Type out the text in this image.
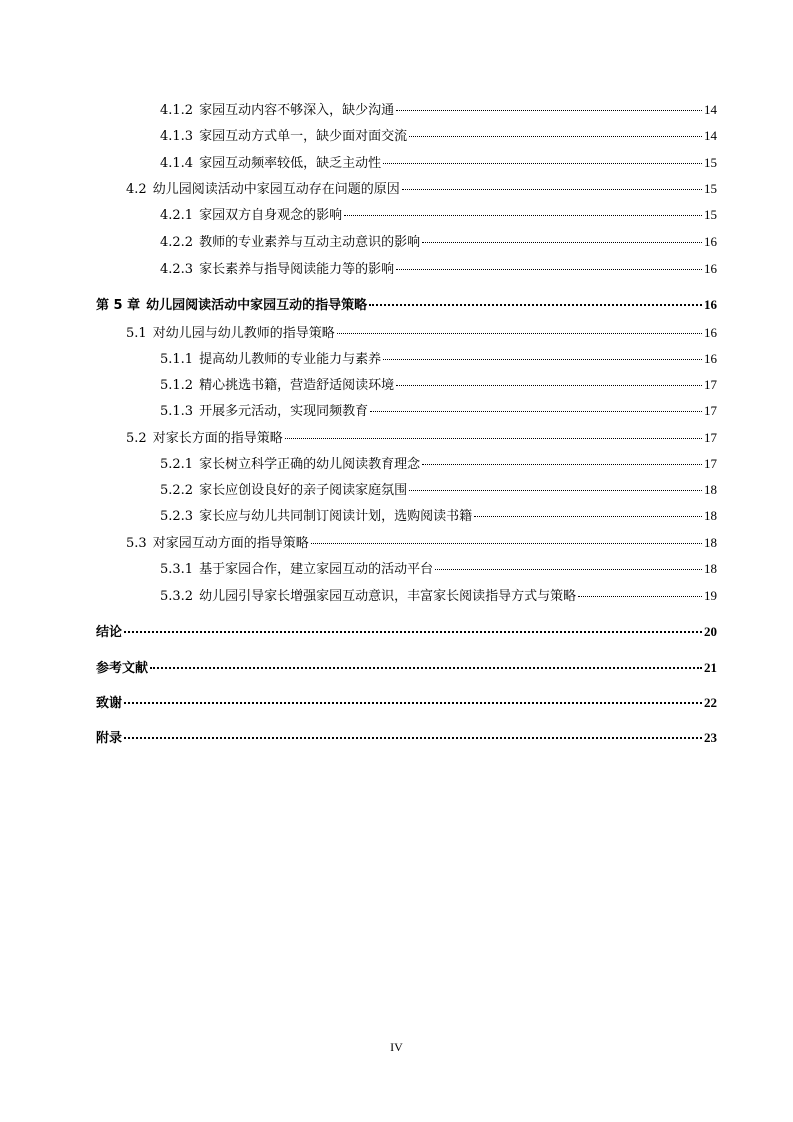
4.1.2 家园互动内容不够深入，缺少沟通	14
4.1.3 家园互动方式单一，缺少面对面交流	14
4.1.4 家园互动频率较低，缺乏主动性	15
4.2 幼儿园阅读活动中家园互动存在问题的原因	15
4.2.1 家园双方自身观念的影响	15
4.2.2 教师的专业素养与互动主动意识的影响	16
4.2.3 家长素养与指导阅读能力等的影响	16
第 5 章 幼儿园阅读活动中家园互动的指导策略	16
5.1 对幼儿园与幼儿教师的指导策略	16
5.1.1 提高幼儿教师的专业能力与素养	16
5.1.2 精心挑选书籍，营造舒适阅读环境	17
5.1.3 开展多元活动，实现同频教育	17
5.2 对家长方面的指导策略	17
5.2.1 家长树立科学正确的幼儿阅读教育理念	17
5.2.2 家长应创设良好的亲子阅读家庭氛围	18
5.2.3 家长应与幼儿共同制订阅读计划，选购阅读书籍	18
5.3 对家园互动方面的指导策略	18
5.3.1 基于家园合作，建立家园互动的活动平台	18
5.3.2 幼儿园引导家长增强家园互动意识，丰富家长阅读指导方式与策略	19
结论	20
参考文献	21
致谢	22
附录	23
IV
